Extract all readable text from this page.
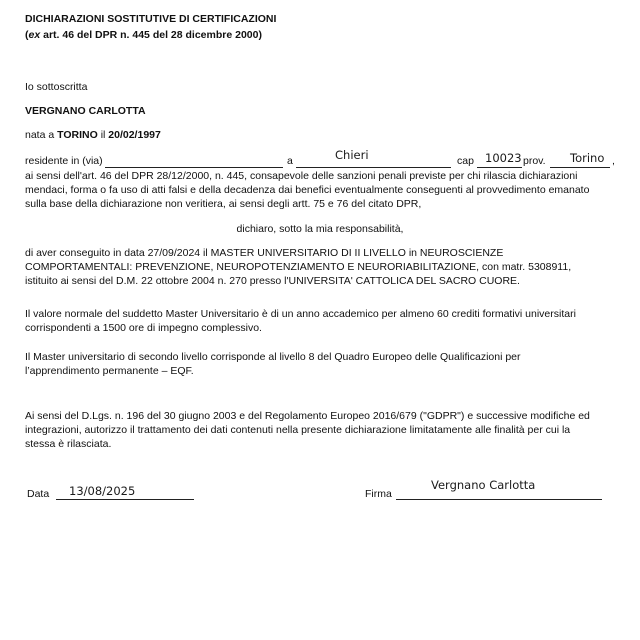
DICHIARAZIONI SOSTITUTIVE DI CERTIFICAZIONI
(ex art. 46 del DPR n. 445 del 28 dicembre 2000)
Io sottoscritta
VERGNANO CARLOTTA
nata a TORINO il 20/02/1997
residente in (via)	a	Chieri	cap 10023 prov. Torino ,
ai sensi dell'art. 46 del DPR 28/12/2000, n. 445, consapevole delle sanzioni penali previste per chi rilascia dichiarazioni
mendaci, forma o fa uso di atti falsi e della decadenza dai benefici eventualmente conseguenti al provvedimento emanato
sulla base della dichiarazione non veritiera, ai sensi degli artt. 75 e 76 del citato DPR,
dichiaro, sotto la mia responsabilità,
di aver conseguito in data 27/09/2024 il MASTER UNIVERSITARIO DI II LIVELLO in NEUROSCIENZE
COMPORTAMENTALI: PREVENZIONE, NEUROPOTENZIAMENTO E NEURORIABILITAZIONE, con matr. 5308911,
istituito ai sensi del D.M. 22 ottobre 2004 n. 270 presso l'UNIVERSITA' CATTOLICA DEL SACRO CUORE.
Il valore normale del suddetto Master Universitario è di un anno accademico per almeno 60 crediti formativi universitari
corrispondenti a 1500 ore di impegno complessivo.
Il Master universitario di secondo livello corrisponde al livello 8 del Quadro Europeo delle Qualificazioni per
l’apprendimento permanente – EQF.
Ai sensi del D.Lgs. n. 196 del 30 giugno 2003 e del Regolamento Europeo 2016/679 ("GDPR") e successive modifiche ed
integrazioni, autorizzo il trattamento dei dati contenuti nella presente dichiarazione limitatamente alle finalità per cui la
stessa è rilasciata.
Data 13/08/2025	Firma
Vergnano Carlotta
